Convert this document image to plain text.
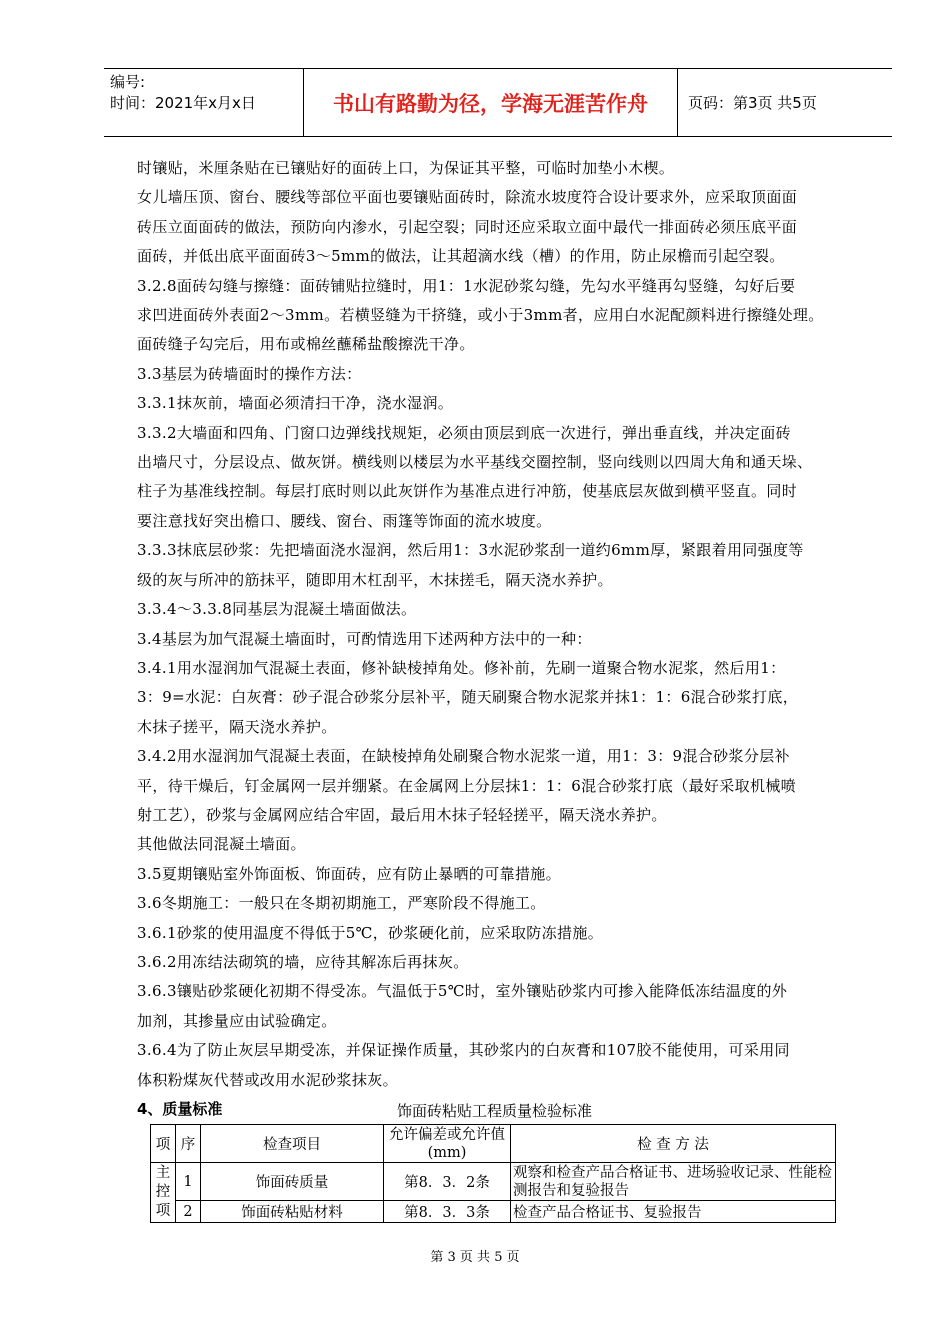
编号:
时间：2021年x月x日	书山有路勤为径，学海无涯苦作舟	页码：第3页 共5页
时镶贴，米厘条贴在已镶贴好的面砖上口，为保证其平整，可临时加垫小木楔。
女儿墙压顶、窗台、腰线等部位平面也要镶贴面砖时，除流水坡度符合设计要求外，应采取顶面面
砖压立面面砖的做法，预防向内渗水，引起空裂；同时还应采取立面中最代一排面砖必须压底平面
面砖，并低出底平面面砖3～5mm的做法，让其超滴水线（槽）的作用，防止尿檐而引起空裂。
3.2.8面砖勾缝与擦缝：面砖铺贴拉缝时，用1：1水泥砂浆勾缝，先勾水平缝再勾竖缝，勾好后要
求凹进面砖外表面2～3mm。若横竖缝为干挤缝，或小于3mm者，应用白水泥配颜料进行擦缝处理。
面砖缝子勾完后，用布或棉丝蘸稀盐酸擦洗干净。
3.3基层为砖墙面时的操作方法：
3.3.1抹灰前，墙面必须清扫干净，浇水湿润。
3.3.2大墙面和四角、门窗口边弹线找规矩，必须由顶层到底一次进行，弹出垂直线，并决定面砖
出墙尺寸，分层设点、做灰饼。横线则以楼层为水平基线交圈控制，竖向线则以四周大角和通天垛、
柱子为基准线控制。每层打底时则以此灰饼作为基准点进行冲筋，使基底层灰做到横平竖直。同时
要注意找好突出檐口、腰线、窗台、雨篷等饰面的流水坡度。
3.3.3抹底层砂浆：先把墙面浇水湿润，然后用1：3水泥砂浆刮一道约6mm厚，紧跟着用同强度等
级的灰与所冲的筋抹平，随即用木杠刮平，木抹搓毛，隔天浇水养护。
3.3.4～3.3.8同基层为混凝土墙面做法。
3.4基层为加气混凝土墙面时，可酌情选用下述两种方法中的一种：
3.4.1用水湿润加气混凝土表面，修补缺棱掉角处。修补前，先刷一道聚合物水泥浆，然后用1：
3：9=水泥：白灰膏：砂子混合砂浆分层补平，随天刷聚合物水泥浆并抹1：1：6混合砂浆打底，
木抹子搓平，隔天浇水养护。
3.4.2用水湿润加气混凝土表面，在缺棱掉角处刷聚合物水泥浆一道，用1：3：9混合砂浆分层补
平，待干燥后，钉金属网一层并绷紧。在金属网上分层抹1：1：6混合砂浆打底（最好采取机械喷
射工艺），砂浆与金属网应结合牢固，最后用木抹子轻轻搓平，隔天浇水养护。
其他做法同混凝土墙面。
3.5夏期镶贴室外饰面板、饰面砖，应有防止暴晒的可靠措施。
3.6冬期施工：一般只在冬期初期施工，严寒阶段不得施工。
3.6.1砂浆的使用温度不得低于5℃，砂浆硬化前，应采取防冻措施。
3.6.2用冻结法砌筑的墙，应待其解冻后再抹灰。
3.6.3镶贴砂浆硬化初期不得受冻。气温低于5℃时，室外镶贴砂浆内可掺入能降低冻结温度的外
加剂，其掺量应由试验确定。
3.6.4为了防止灰层早期受冻，并保证操作质量，其砂浆内的白灰膏和107胶不能使用，可采用同
体积粉煤灰代替或改用水泥砂浆抹灰。
4、质量标准	饰面砖粘贴工程质量检验标准
项	序	检查项目	允许偏差或允许值(mm)	检 查 方 法
主控项	1	饰面砖质量	第8．3．2条	观察和检查产品合格证书、进场验收记录、性能检测报告和复验报告
	2	饰面砖粘贴材料	第8．3．3条	检查产品合格证书、复验报告
第 3 页 共 5 页
